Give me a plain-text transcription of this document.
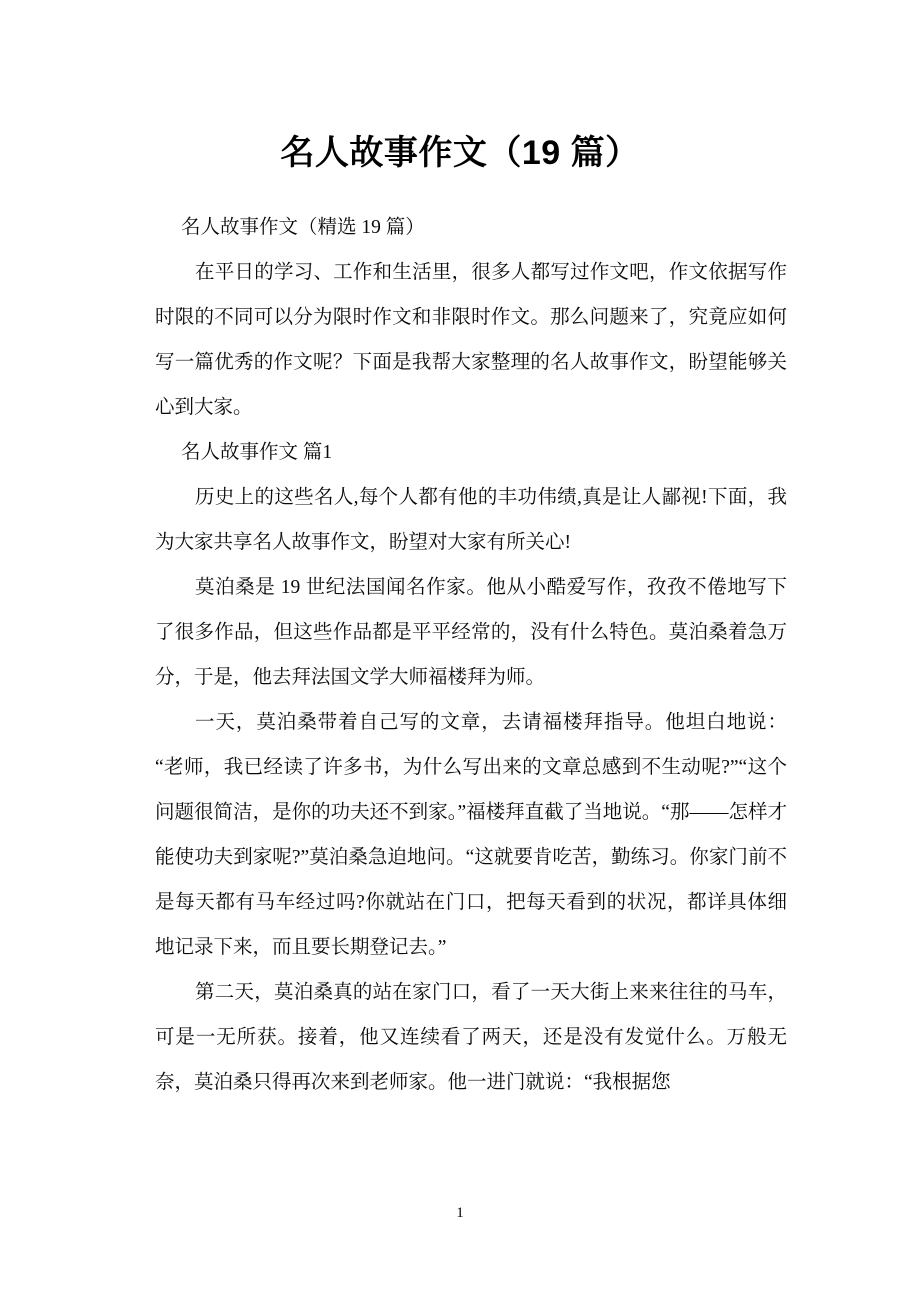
名人故事作文（19 篇）

名人故事作文（精选 19 篇）

在平日的学习、工作和生活里，很多人都写过作文吧，作文依据写作时限的不同可以分为限时作文和非限时作文。那么问题来了，究竟应如何写一篇优秀的作文呢？下面是我帮大家整理的名人故事作文，盼望能够关心到大家。

名人故事作文 篇1

历史上的这些名人,每个人都有他的丰功伟绩,真是让人鄙视!下面，我为大家共享名人故事作文，盼望对大家有所关心!

莫泊桑是 19 世纪法国闻名作家。他从小酷爱写作，孜孜不倦地写下了很多作品，但这些作品都是平平经常的，没有什么特色。莫泊桑着急万分，于是，他去拜法国文学大师福楼拜为师。

一天，莫泊桑带着自己写的文章，去请福楼拜指导。他坦白地说：“老师，我已经读了许多书，为什么写出来的文章总感到不生动呢?”“这个问题很简洁，是你的功夫还不到家。”福楼拜直截了当地说。“那——怎样才能使功夫到家呢?”莫泊桑急迫地问。“这就要肯吃苦，勤练习。你家门前不是每天都有马车经过吗?你就站在门口，把每天看到的状况，都详具体细地记录下来，而且要长期登记去。”

第二天，莫泊桑真的站在家门口，看了一天大街上来来往往的马车，可是一无所获。接着，他又连续看了两天，还是没有发觉什么。万般无奈，莫泊桑只得再次来到老师家。他一进门就说：“我根据您

1
